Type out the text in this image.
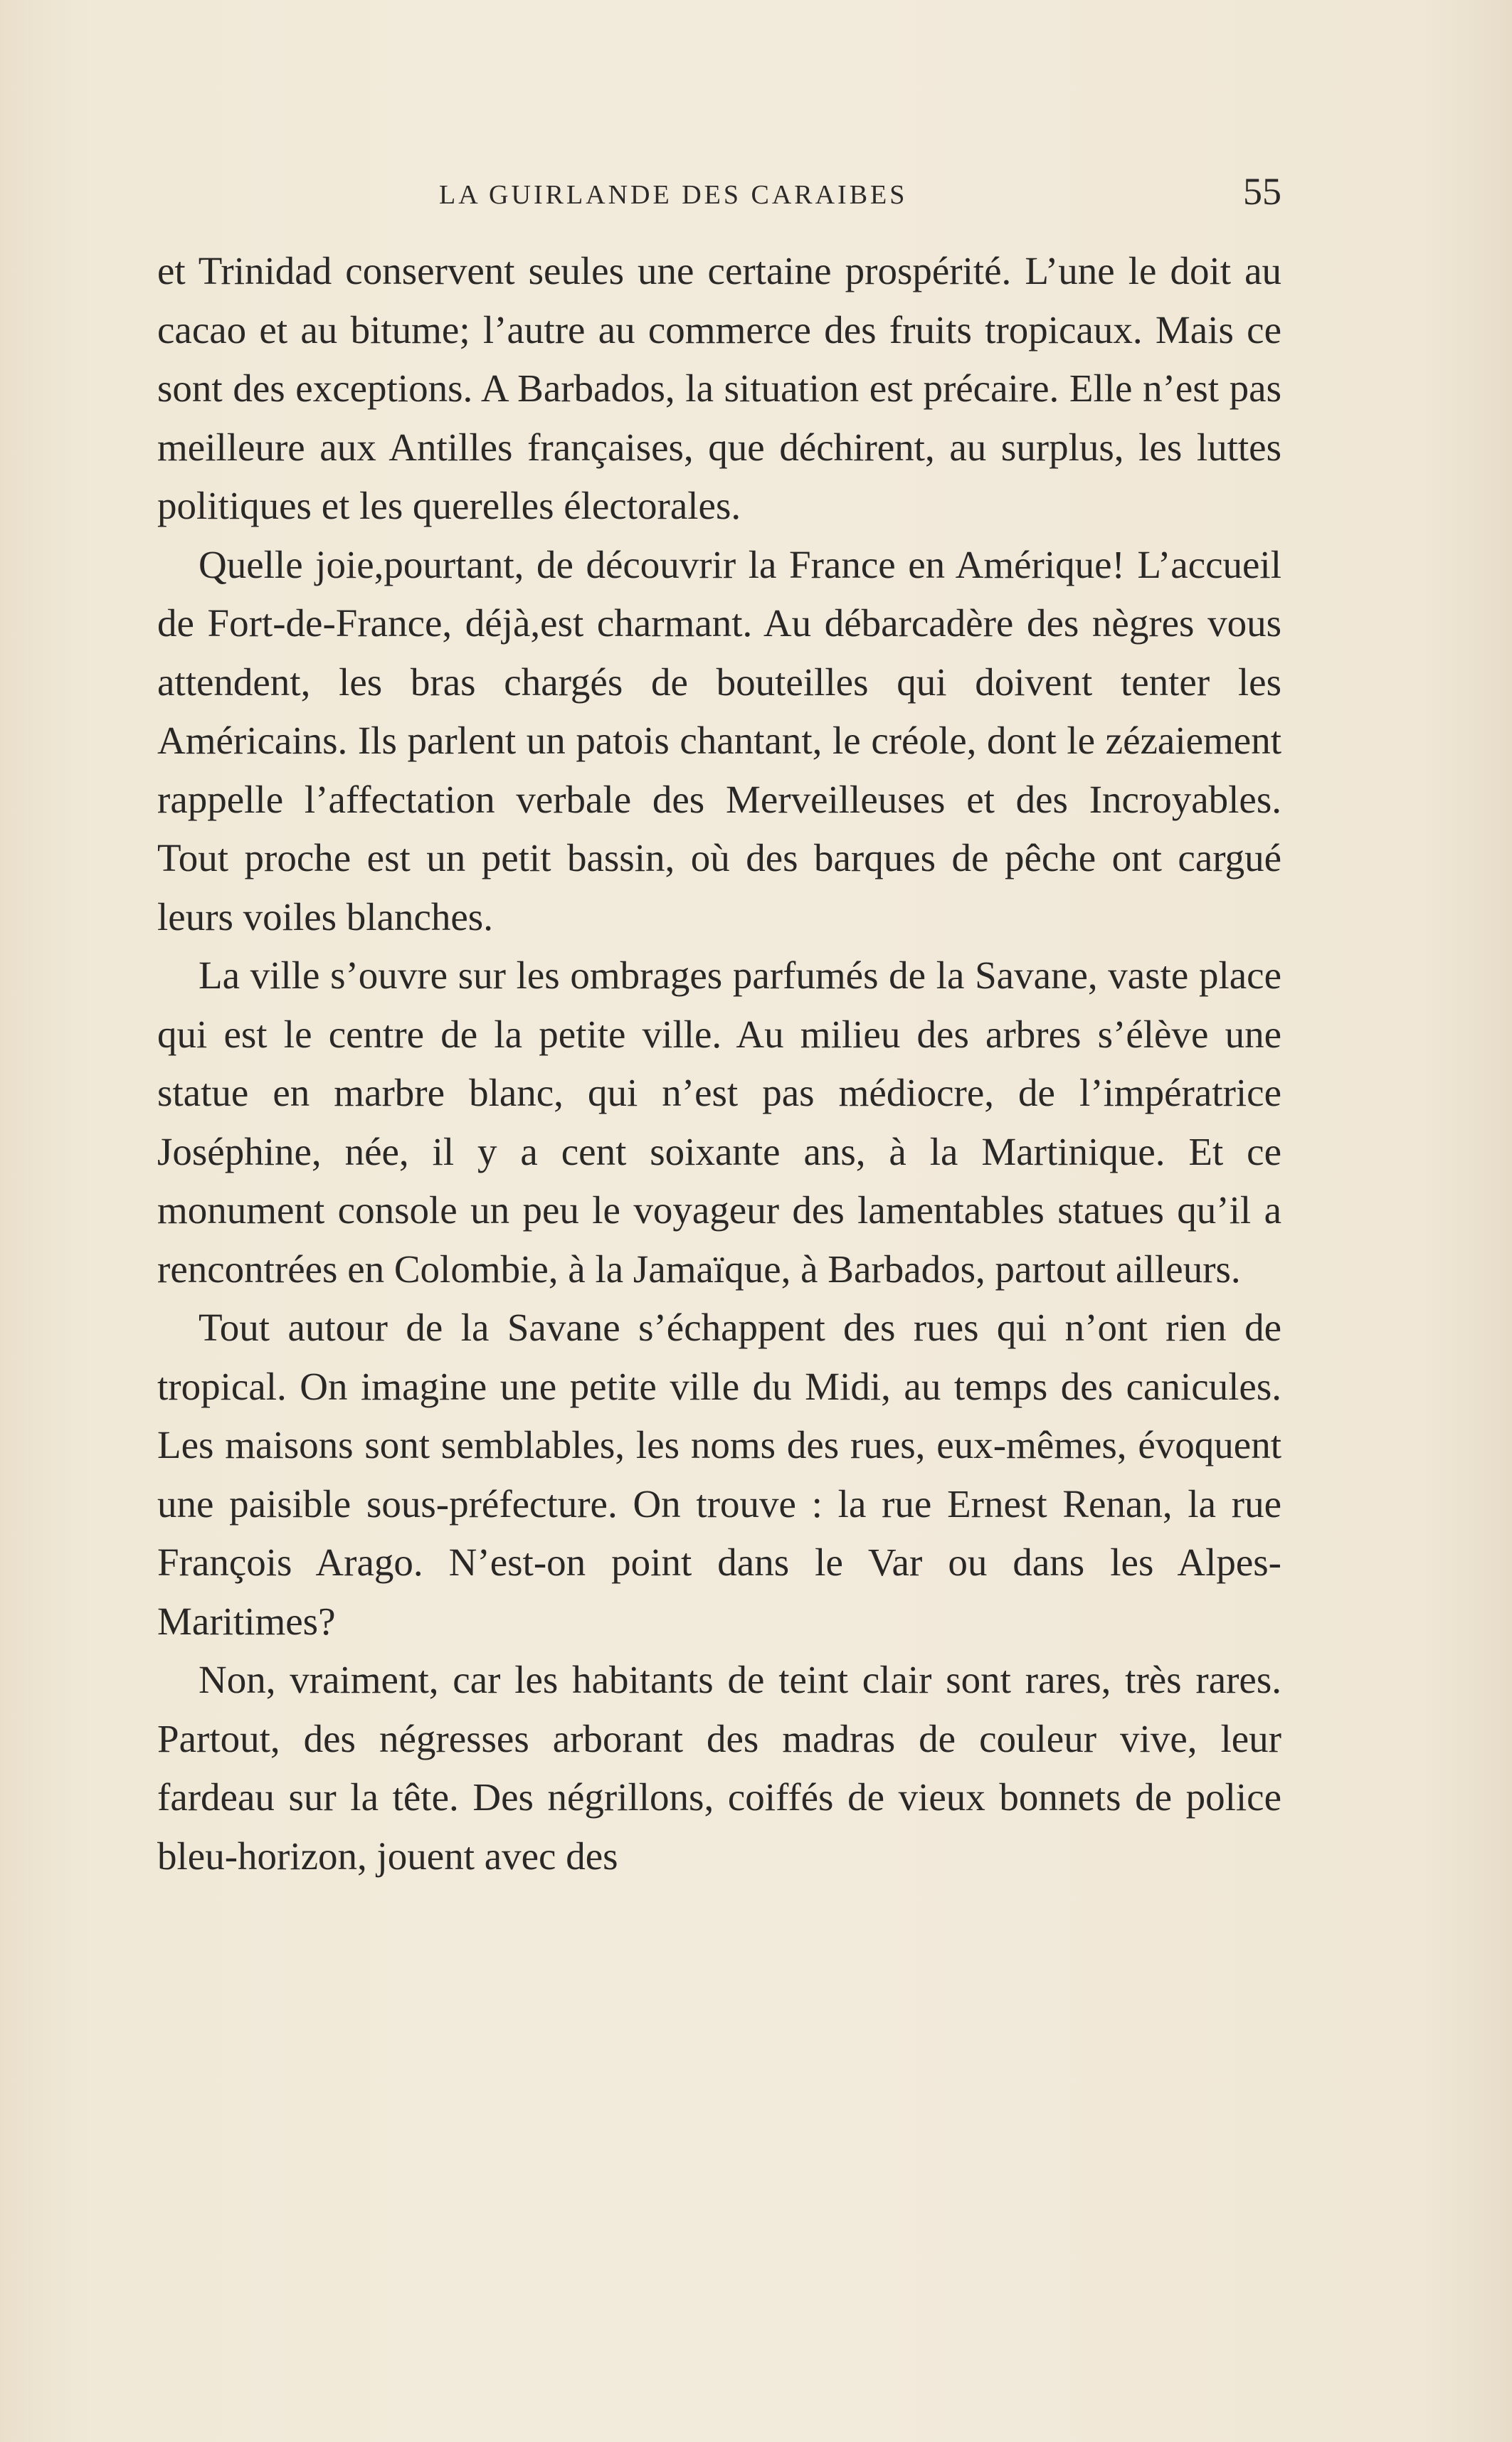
LA GUIRLANDE DES CARAIBES	55

et Trinidad conservent seules une certaine prospérité. L’une le doit au cacao et au bitume; l’autre au commerce des fruits tropicaux. Mais ce sont des exceptions. A Barbados, la situation est précaire. Elle n’est pas meilleure aux Antilles françaises, que déchirent, au surplus, les luttes politiques et les querelles électorales.

Quelle joie,pourtant, de découvrir la France en Amérique! L’accueil de Fort-de-France, déjà,est charmant. Au débarcadère des nègres vous attendent, les bras chargés de bouteilles qui doivent tenter les Américains. Ils parlent un patois chantant, le créole, dont le zézaiement rappelle l’affectation verbale des Merveilleuses et des Incroyables. Tout proche est un petit bassin, où des barques de pêche ont cargué leurs voiles blanches.

La ville s’ouvre sur les ombrages parfumés de la Savane, vaste place qui est le centre de la petite ville. Au milieu des arbres s’élève une statue en marbre blanc, qui n’est pas médiocre, de l’impératrice Joséphine, née, il y a cent soixante ans, à la Martinique. Et ce monument console un peu le voyageur des lamentables statues qu’il a rencontrées en Colombie, à la Jamaïque, à Barbados, partout ailleurs.

Tout autour de la Savane s’échappent des rues qui n’ont rien de tropical. On imagine une petite ville du Midi, au temps des canicules. Les maisons sont semblables, les noms des rues, eux-mêmes, évoquent une paisible sous-préfecture. On trouve : la rue Ernest Renan, la rue François Arago. N’est-on point dans le Var ou dans les Alpes-Maritimes?

Non, vraiment, car les habitants de teint clair sont rares, très rares. Partout, des négresses arborant des madras de couleur vive, leur fardeau sur la tête. Des négrillons, coiffés de vieux bonnets de police bleu-horizon, jouent avec des
